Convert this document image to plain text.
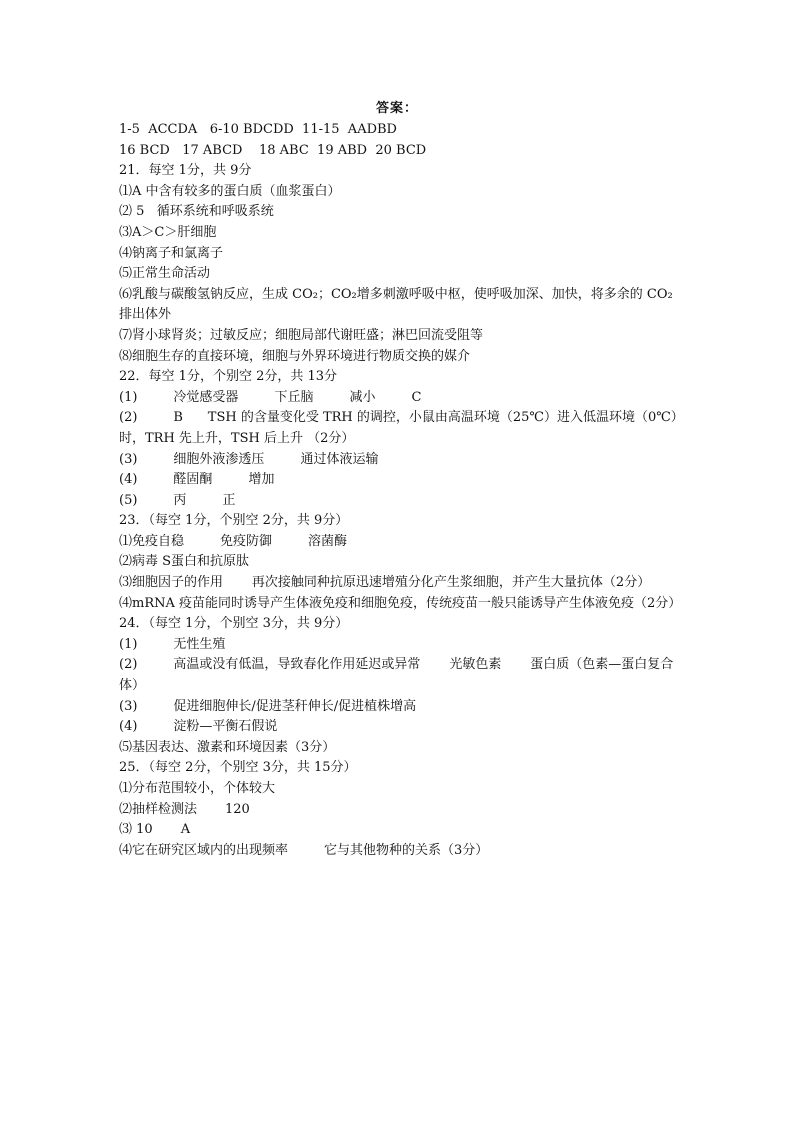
答案：

1-5  ACCDA   6-10 BDCDD  11-15  AADBD

16 BCD   17 ABCD    18 ABC  19 ABD  20 BCD

21．每空 1分，共 9分

⑴A 中含有较多的蛋白质（血浆蛋白）

⑵ 5   循环系统和呼吸系统

⑶A＞C＞肝细胞

⑷钠离子和氯离子

⑸正常生命活动

⑹乳酸与碳酸氢钠反应，生成 CO₂；CO₂增多刺激呼吸中枢，使呼吸加深、加快，将多余的 CO₂排出体外

⑺肾小球肾炎；过敏反应；细胞局部代谢旺盛；淋巴回流受阻等

⑻细胞生存的直接环境，细胞与外界环境进行物质交换的媒介

22．每空 1分，个别空 2分，共 13分

(1)	冷觉感受器	下丘脑	减小	C

(2)	B      TSH 的含量变化受 TRH 的调控，小鼠由高温环境（25℃）进入低温环境（0℃）时，TRH 先上升，TSH 后上升 （2分）

(3)	细胞外液渗透压	通过体液运输

(4)	醛固酮	增加

(5)	丙	正

23．（每空 1分，个别空 2分，共 9分）

⑴免疫自稳	免疫防御	溶菌酶

⑵病毒 S蛋白和抗原肽

⑶细胞因子的作用       再次接触同种抗原迅速增殖分化产生浆细胞，并产生大量抗体（2分）

⑷mRNA 疫苗能同时诱导产生体液免疫和细胞免疫，传统疫苗一般只能诱导产生体液免疫（2分）

24．（每空 1分，个别空 3分，共 9分）

(1)	无性生殖

(2)	高温或没有低温，导致春化作用延迟或异常       光敏色素       蛋白质（色素—蛋白复合体）

(3)	促进细胞伸长/促进茎秆伸长/促进植株增高

(4)	淀粉—平衡石假说

⑸基因表达、激素和环境因素（3分）

25．（每空 2分，个别空 3分，共 15分）

⑴分布范围较小，个体较大

⑵抽样检测法 120

⑶ 10 A

⑷它在研究区域内的出现频率	它与其他物种的关系（3分）
